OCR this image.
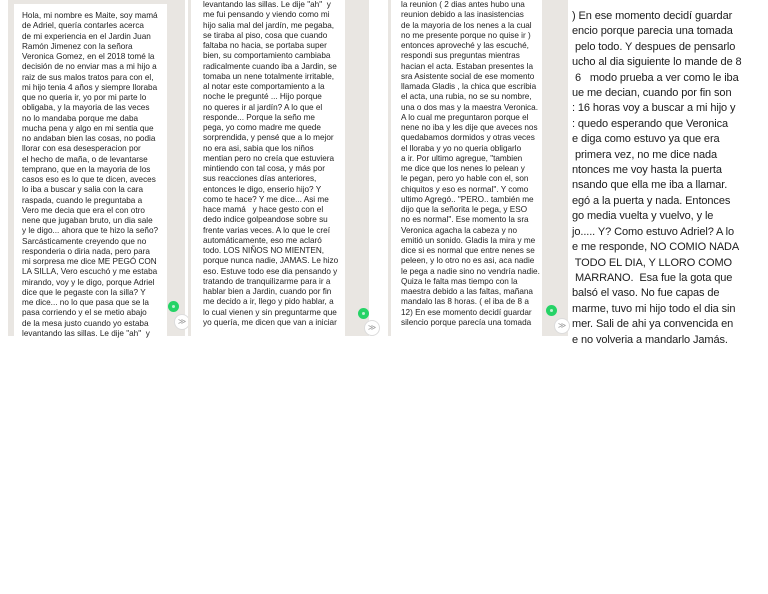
Hola, mi nombre es Maite, soy mamá
de Adriel, quería contarles acerca
de mi experiencia en el Jardin Juan
Ramón Jimenez con la señora
Veronica Gomez, en el 2018 tomé la
decisión de no enviar mas a mi hijo a
raiz de sus malos tratos para con el,
mi hijo tenia 4 años y siempre lloraba
que no queria ir, yo por mi parte lo
obligaba, y la mayoria de las veces
no lo mandaba porque me daba
mucha pena y algo en mi sentia que
no andaban bien las cosas, no podia
llorar con esa desesperacion por
el hecho de maña, o de levantarse
temprano, que en la mayoria de los
casos eso es lo que te dicen, aveces
lo iba a buscar y salia con la cara
raspada, cuando le preguntaba a
Vero me decia que era el con otro
nene que jugaban bruto, un dia sale
y le digo... ahora que te hizo la seño?
Sarcásticamente creyendo que no
responderia o diria nada, pero para
mi sorpresa me dice ME PEGÓ CON
LA SILLA, Vero escuchó y me estaba
mirando, voy y le digo, porque Adriel
dice que le pegaste con la silla? Y
me dice... no lo que pasa que se la
pasa corriendo y el se metio abajo
de la mesa justo cuando yo estaba
levantando las sillas. Le dije "ah"  y
≫
levantando las sillas. Le dije "ah"  y
me fui pensando y viendo como mi
hijo salia mal del jardín, me pegaba,
se tiraba al piso, cosa que cuando
faltaba no hacia, se portaba super
bien, su comportamiento cambiaba
radicalmente cuando iba a Jardin, se
tomaba un nene totalmente irritable,
al notar este comportamiento a la
noche le pregunté ... Hijo porque
no queres ir al jardín? A lo que el
responde... Porque la seño me
pega, yo como madre me quede
sorprendida, y pensé que a lo mejor
no era asi, sabia que los niños
mentian pero no creía que estuviera
mintiendo con tal cosa, y más por
sus reacciones días anteriores,
entonces le digo, enserio hijo? Y
como te hace? Y me dice... Asi me
hace mamá   y hace gesto con el
dedo indice golpeandose sobre su
frente varias veces. A lo que le creí
automáticamente, eso me aclaró
todo. LOS NIÑOS NO MIENTEN,
porque nunca nadie, JAMAS. Le hizo
eso. Estuve todo ese dia pensando y
tratando de tranquilizarme para ir a
hablar bien a Jardin, cuando por fin
me decido a ir, llego y pido hablar, a
lo cual vienen y sin preguntarme que
yo quería, me dicen que van a iniciar
≫
la reunion ( 2 dias antes hubo una
reunion debido a las inasistencias
de la mayoria de los nenes a la cual
no me presente porque no quise ir )
entonces aproveché y las escuché,
respondi sus preguntas mientras
hacian el acta. Estaban presentes la
sra Asistente social de ese momento
llamada Gladis , la chica que escribia
el acta, una rubia, no se su nombre,
una o dos mas y la maestra Veronica.
A lo cual me preguntaron porque el
nene no iba y les dije que aveces nos
quedabamos dormidos y otras veces
el lloraba y yo no queria obligarlo
a ir. Por ultimo agregue, "tambien
me dice que los nenes lo pelean y
le pegan, pero yo hable con el, son
chiquitos y eso es normal". Y como
ultimo Agregó.. "PERO.. también me
dijo que la señorita le pega, y ESO
no es normal". Ese momento la sra
Veronica agacha la cabeza y no
emitió un sonido. Gladis la mira y me
dice si es normal que entre nenes se
peleen, y lo otro no es asi, aca nadie
le pega a nadie sino no vendría nadie.
Quiza le falta mas tiempo con la
maestra debido a las faltas, mañana
mandalo las 8 horas. ( el iba de 8 a
12) En ese momento decidí guardar
silencio porque parecía una tomada	≫
) En ese momento decidí guardar
encio porque parecia una tomada
pelo todo. Y despues de pensarlo
ucho al dia siguiente lo mande de 8
6   modo prueba a ver como le iba
ue me decian, cuando por fin son
: 16 horas voy a buscar a mi hijo y
: quedo esperando que Veronica
e diga como estuvo ya que era
primera vez, no me dice nada
ntonces me voy hasta la puerta
nsando que ella me iba a llamar.
egó a la puerta y nada. Entonces
go media vuelta y vuelvo, y le
jo..... Y? Como estuvo Adriel? A lo
e me responde, NO COMIO NADA
TODO EL DIA, Y LLORO COMO
MARRANO.  Esa fue la gota que
balsó el vaso. No fue capas de
marme, tuvo mi hijo todo el dia sin
mer. Sali de ahi ya convencida en
e no volveria a mandarlo Jamás.
